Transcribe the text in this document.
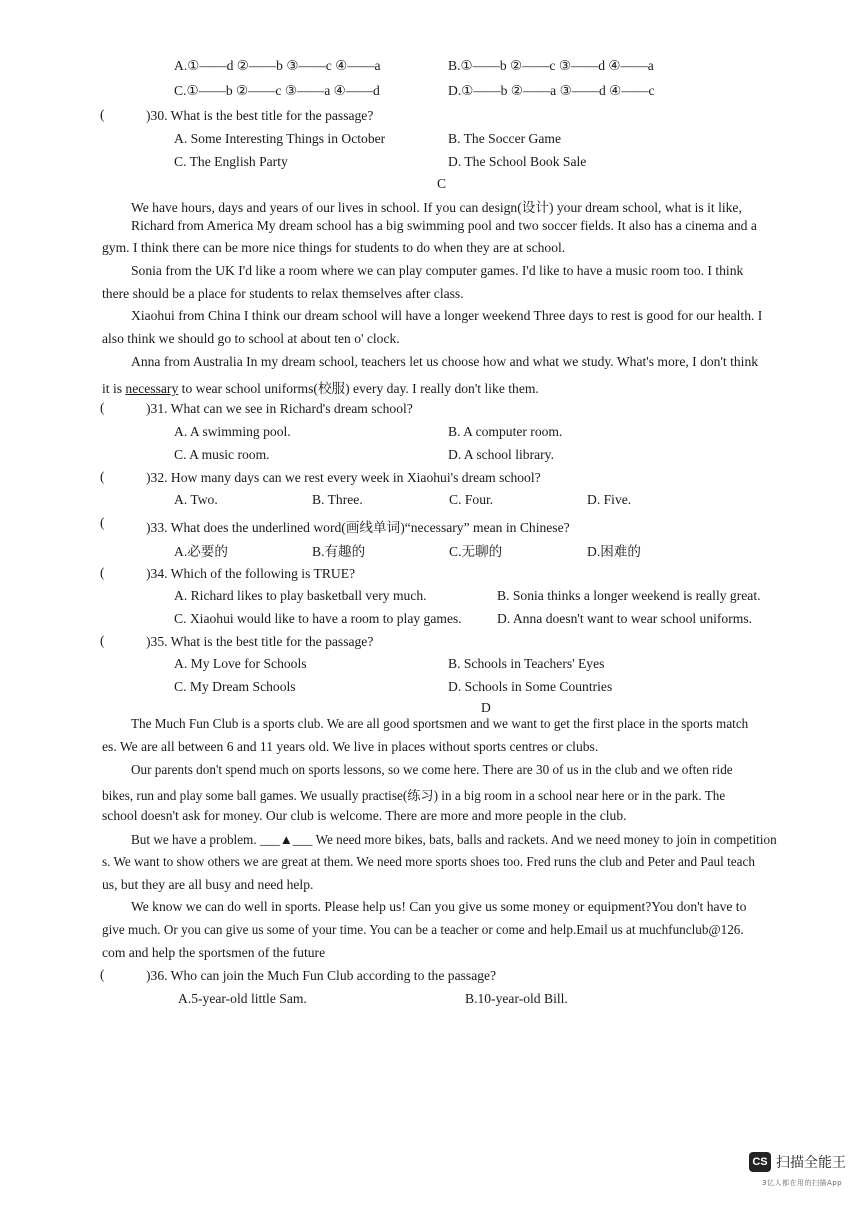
A.①——d ②——b ③——c ④——a	B.①——b ②——c ③——d ④——a
C.①——b ②——c ③——a ④——d	D.①——b ②——a ③——d ④——c
(	)30. What is the best title for the passage?
A. Some Interesting Things in October	B. The Soccer Game
C. The English Party	D. The School Book Sale
C
We have hours, days and years of our lives in school. If you can design(设计) your dream school, what is it like,
Richard from America My dream school has a big swimming pool and two soccer fields. It also has a cinema and a
gym. I think there can be more nice things for students to do when they are at school.
Sonia from the UK I'd like a room where we can play computer games. I'd like to have a music room too. I think
there should be a place for students to relax themselves after class.
Xiaohui from China I think our dream school will have a longer weekend Three days to rest is good for our health. I
also think we should go to school at about ten o' clock.
Anna from Australia In my dream school, teachers let us choose how and what we study. What's more, I don't think
it is necessary to wear school uniforms(校服) every day. I really don't like them.
(	)31. What can we see in Richard's dream school?
A. A swimming pool.	B. A computer room.
C. A music room.	D. A school library.
(	)32. How many days can we rest every week in Xiaohui's dream school?
A. Two.	B. Three.	C. Four.	D. Five.
(	)33. What does the underlined word(画线单词)“necessary” mean in Chinese?
A.必要的	B.有趣的	C.无聊的	D.困难的
(	)34. Which of the following is TRUE?
A. Richard likes to play basketball very much.	B. Sonia thinks a longer weekend is really great.
C. Xiaohui would like to have a room to play games.	D. Anna doesn't want to wear school uniforms.
(	)35. What is the best title for the passage?
A. My Love for Schools	B. Schools in Teachers' Eyes
C. My Dream Schools	D. Schools in Some Countries
D
The Much Fun Club is a sports club. We are all good sportsmen and we want to get the first place in the sports match
es. We are all between 6 and 11 years old. We live in places without sports centres or clubs.
Our parents don't spend much on sports lessons, so we come here. There are 30 of us in the club and we often ride
bikes, run and play some ball games. We usually practise(练习) in a big room in a school near here or in the park. The
school doesn't ask for money. Our club is welcome. There are more and more people in the club.
But we have a problem. ___▲___ We need more bikes, bats, balls and rackets. And we need money to join in competition
s. We want to show others we are great at them. We need more sports shoes too. Fred runs the club and Peter and Paul teach
us, but they are all busy and need help.
We know we can do well in sports. Please help us! Can you give us some money or equipment?You don't have to
give much. Or you can give us some of your time. You can be a teacher or come and help.Email us at muchfunclub@126.
com and help the sportsmen of the future
(	)36. Who can join the Much Fun Club according to the passage?
A.5-year-old little Sam.	B.10-year-old Bill.
CS 扫描全能王
3亿人都在用的扫描App
